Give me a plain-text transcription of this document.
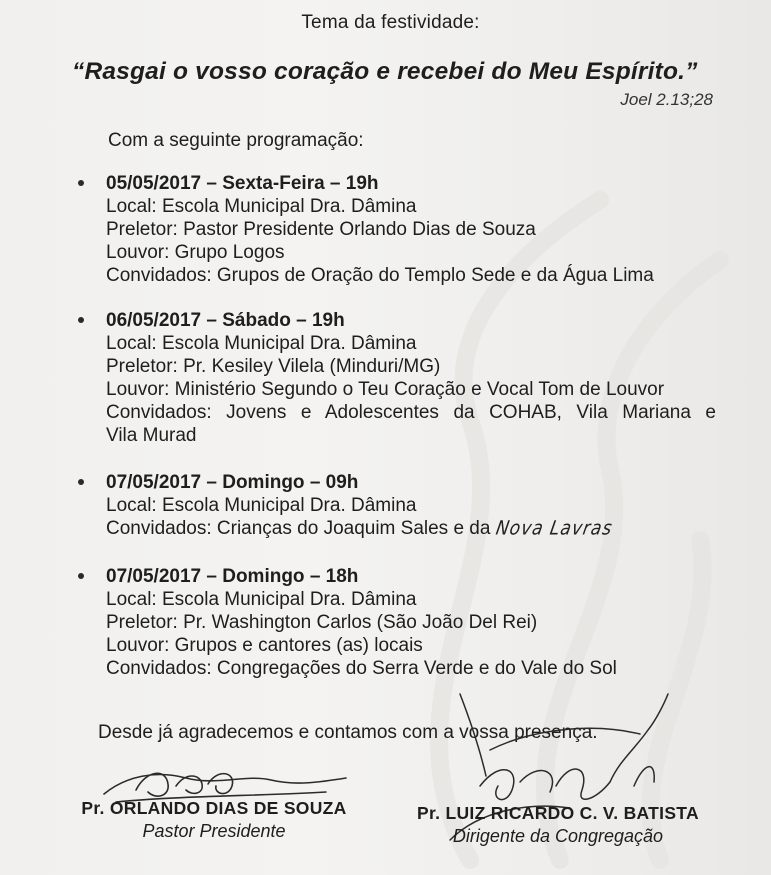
Tema da festividade:
“Rasgai o vosso coração e recebei do Meu Espírito.”
Joel 2.13;28
Com a seguinte programação:
05/05/2017 – Sexta-Feira – 19h
Local: Escola Municipal Dra. Dâmina
Preletor: Pastor Presidente Orlando Dias de Souza
Louvor: Grupo Logos
Convidados: Grupos de Oração do Templo Sede e da Água Lima
06/05/2017 – Sábado – 19h
Local: Escola Municipal Dra. Dâmina
Preletor: Pr. Kesiley Vilela (Minduri/MG)
Louvor: Ministério Segundo o Teu Coração e Vocal Tom de Louvor
Convidados: Jovens e Adolescentes da COHAB, Vila Mariana e
Vila Murad
07/05/2017 – Domingo – 09h
Local: Escola Municipal Dra. Dâmina
Convidados: Crianças do Joaquim Sales e da Nova Lavras
07/05/2017 – Domingo – 18h
Local: Escola Municipal Dra. Dâmina
Preletor: Pr. Washington Carlos (São João Del Rei)
Louvor: Grupos e cantores (as) locais
Convidados: Congregações do Serra Verde e do Vale do Sol
Desde já agradecemos e contamos com a vossa presença.
Pr. ORLANDO DIAS DE SOUZA
Pastor Presidente
Pr. LUIZ RICARDO C. V. BATISTA
Dirigente da Congregação
